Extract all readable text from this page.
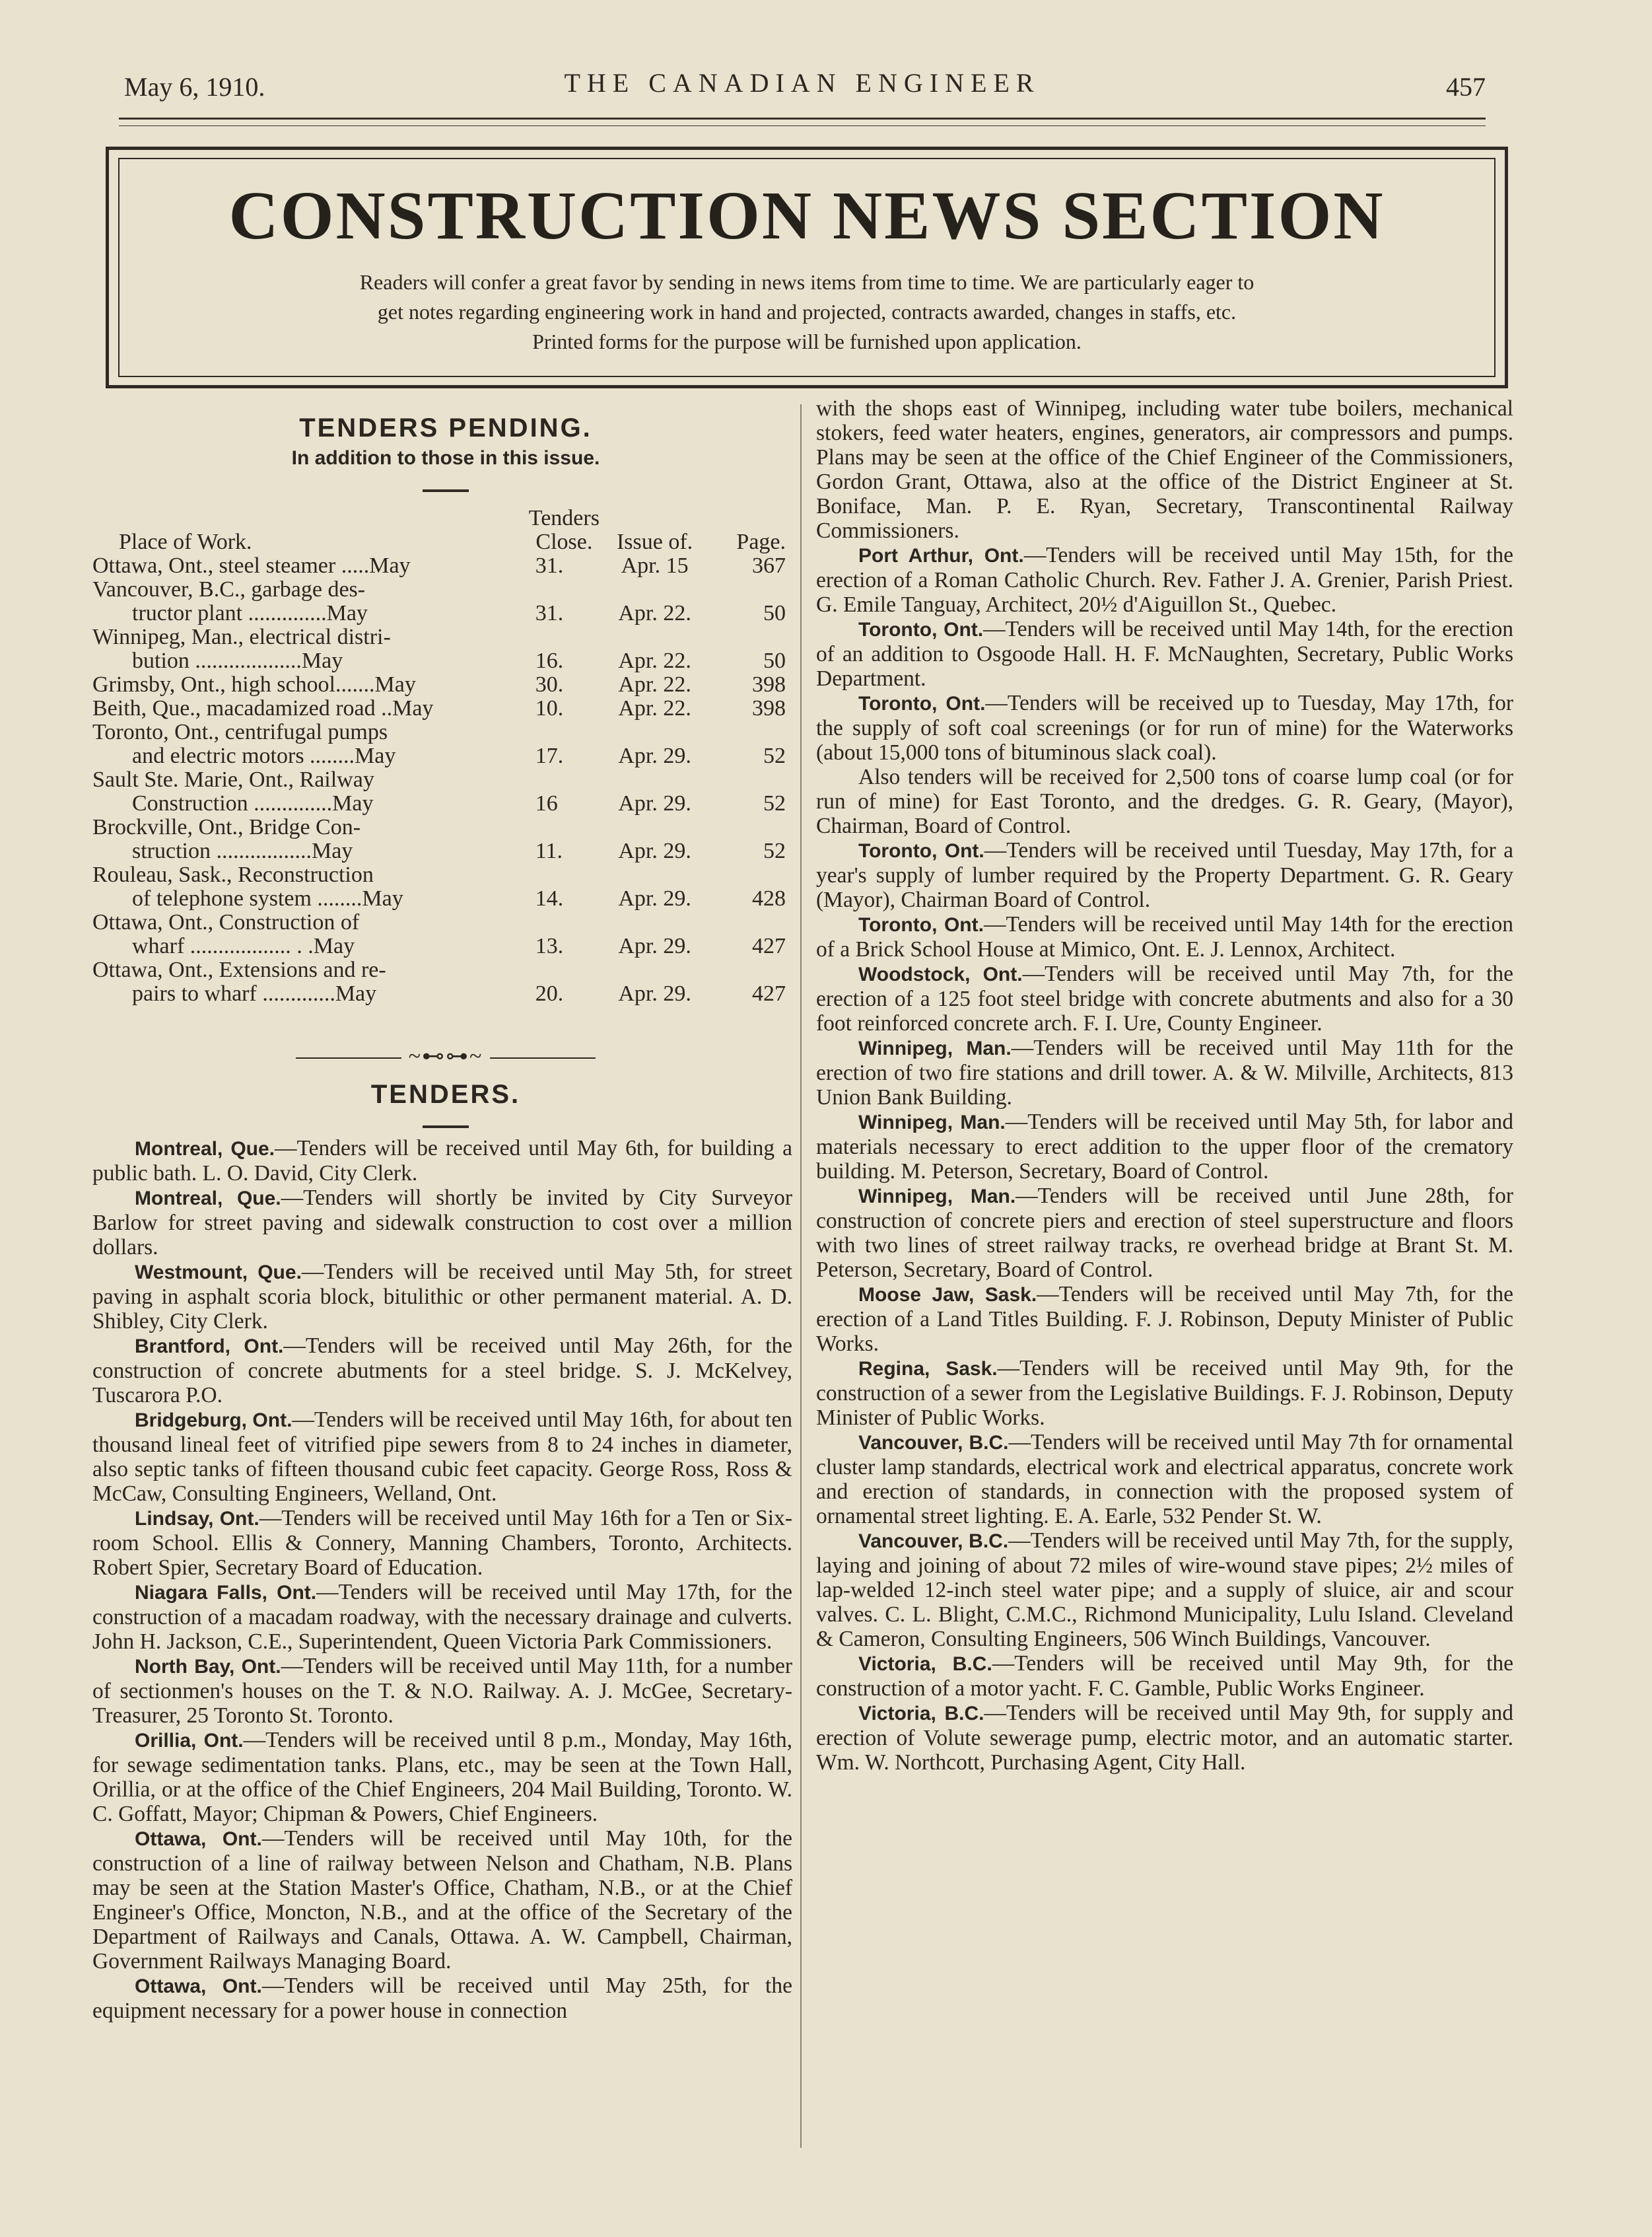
May 6, 1910.	THE CANADIAN ENGINEER	457
CONSTRUCTION NEWS SECTION
Readers will confer a great favor by sending in news items from time to time. We are particularly eager to
get notes regarding engineering work in hand and projected, contracts awarded, changes in staffs, etc.
Printed forms for the purpose will be furnished upon application.
TENDERS PENDING.
In addition to those in this issue.
	Tenders		
Place of Work.	Close.	Issue of.	Page.

Ottawa, Ont., steel steamer .....May	31.	Apr. 15	367

Vancouver, B.C., garbage des-
tructor plant ..............May	31.	Apr. 22.	50

Winnipeg, Man., electrical distri-
bution ...................May	16.	Apr. 22.	50

Grimsby, Ont., high school.......May	30.	Apr. 22.	398

Beith, Que., macadamized road ..May	10.	Apr. 22.	398

Toronto, Ont., centrifugal pumps
and electric motors ........May	17.	Apr. 29.	52

Sault Ste. Marie, Ont., Railway
Construction ..............May	16	Apr. 29.	52

Brockville, Ont., Bridge Con-
struction .................May	11.	Apr. 29.	52

Rouleau, Sask., Reconstruction
of telephone system ........May	14.	Apr. 29.	428

Ottawa, Ont., Construction of
wharf .................. . .May	13.	Apr. 29.	427

Ottawa, Ont., Extensions and re-
pairs to wharf .............May	20.	Apr. 29.	427
~⊷⊶~
TENDERS.

Montreal, Que.—Tenders will be received until May 6th, for building a public bath. L. O. David, City Clerk.

Montreal, Que.—Tenders will shortly be invited by City Surveyor Barlow for street paving and sidewalk construction to cost over a million dollars.

Westmount, Que.—Tenders will be received until May 5th, for street paving in asphalt scoria block, bitulithic or other permanent material. A. D. Shibley, City Clerk.

Brantford, Ont.—Tenders will be received until May 26th, for the construction of concrete abutments for a steel bridge. S. J. McKelvey, Tuscarora P.O.

Bridgeburg, Ont.—Tenders will be received until May 16th, for about ten thousand lineal feet of vitrified pipe sewers from 8 to 24 inches in diameter, also septic tanks of fifteen thousand cubic feet capacity. George Ross, Ross & McCaw, Consulting Engineers, Welland, Ont.

Lindsay, Ont.—Tenders will be received until May 16th for a Ten or Six-room School. Ellis & Connery, Manning Chambers, Toronto, Architects. Robert Spier, Secretary Board of Education.

Niagara Falls, Ont.—Tenders will be received until May 17th, for the construction of a macadam roadway, with the necessary drainage and culverts. John H. Jackson, C.E., Superintendent, Queen Victoria Park Commissioners.

North Bay, Ont.—Tenders will be received until May 11th, for a number of sectionmen's houses on the T. & N.O. Railway. A. J. McGee, Secretary-Treasurer, 25 Toronto St. Toronto.

Orillia, Ont.—Tenders will be received until 8 p.m., Monday, May 16th, for sewage sedimentation tanks. Plans, etc., may be seen at the Town Hall, Orillia, or at the office of the Chief Engineers, 204 Mail Building, Toronto. W. C. Goffatt, Mayor; Chipman & Powers, Chief Engineers.

Ottawa, Ont.—Tenders will be received until May 10th, for the construction of a line of railway between Nelson and Chatham, N.B. Plans may be seen at the Station Master's Office, Chatham, N.B., or at the Chief Engineer's Office, Moncton, N.B., and at the office of the Secretary of the Department of Railways and Canals, Ottawa. A. W. Campbell, Chairman, Government Railways Managing Board.

Ottawa, Ont.—Tenders will be received until May 25th, for the equipment necessary for a power house in connection

with the shops east of Winnipeg, including water tube boilers, mechanical stokers, feed water heaters, engines, generators, air compressors and pumps. Plans may be seen at the office of the Chief Engineer of the Commissioners, Gordon Grant, Ottawa, also at the office of the District Engineer at St. Boniface, Man. P. E. Ryan, Secretary, Transcontinental Railway Commissioners.

Port Arthur, Ont.—Tenders will be received until May 15th, for the erection of a Roman Catholic Church. Rev. Father J. A. Grenier, Parish Priest. G. Emile Tanguay, Architect, 20½ d'Aiguillon St., Quebec.

Toronto, Ont.—Tenders will be received until May 14th, for the erection of an addition to Osgoode Hall. H. F. McNaughten, Secretary, Public Works Department.

Toronto, Ont.—Tenders will be received up to Tuesday, May 17th, for the supply of soft coal screenings (or for run of mine) for the Waterworks (about 15,000 tons of bituminous slack coal).

Also tenders will be received for 2,500 tons of coarse lump coal (or for run of mine) for East Toronto, and the dredges. G. R. Geary, (Mayor), Chairman, Board of Control.

Toronto, Ont.—Tenders will be received until Tuesday, May 17th, for a year's supply of lumber required by the Property Department. G. R. Geary (Mayor), Chairman Board of Control.

Toronto, Ont.—Tenders will be received until May 14th for the erection of a Brick School House at Mimico, Ont. E. J. Lennox, Architect.

Woodstock, Ont.—Tenders will be received until May 7th, for the erection of a 125 foot steel bridge with concrete abutments and also for a 30 foot reinforced concrete arch. F. I. Ure, County Engineer.

Winnipeg, Man.—Tenders will be received until May 11th for the erection of two fire stations and drill tower. A. & W. Milville, Architects, 813 Union Bank Building.

Winnipeg, Man.—Tenders will be received until May 5th, for labor and materials necessary to erect addition to the upper floor of the crematory building. M. Peterson, Secretary, Board of Control.

Winnipeg, Man.—Tenders will be received until June 28th, for construction of concrete piers and erection of steel superstructure and floors with two lines of street railway tracks, re overhead bridge at Brant St. M. Peterson, Secretary, Board of Control.

Moose Jaw, Sask.—Tenders will be received until May 7th, for the erection of a Land Titles Building. F. J. Robinson, Deputy Minister of Public Works.

Regina, Sask.—Tenders will be received until May 9th, for the construction of a sewer from the Legislative Buildings. F. J. Robinson, Deputy Minister of Public Works.

Vancouver, B.C.—Tenders will be received until May 7th for ornamental cluster lamp standards, electrical work and electrical apparatus, concrete work and erection of standards, in connection with the proposed system of ornamental street lighting. E. A. Earle, 532 Pender St. W.

Vancouver, B.C.—Tenders will be received until May 7th, for the supply, laying and joining of about 72 miles of wire-wound stave pipes; 2½ miles of lap-welded 12-inch steel water pipe; and a supply of sluice, air and scour valves. C. L. Blight, C.M.C., Richmond Municipality, Lulu Island. Cleveland & Cameron, Consulting Engineers, 506 Winch Buildings, Vancouver.

Victoria, B.C.—Tenders will be received until May 9th, for the construction of a motor yacht. F. C. Gamble, Public Works Engineer.

Victoria, B.C.—Tenders will be received until May 9th, for supply and erection of Volute sewerage pump, electric motor, and an automatic starter. Wm. W. Northcott, Purchasing Agent, City Hall.
